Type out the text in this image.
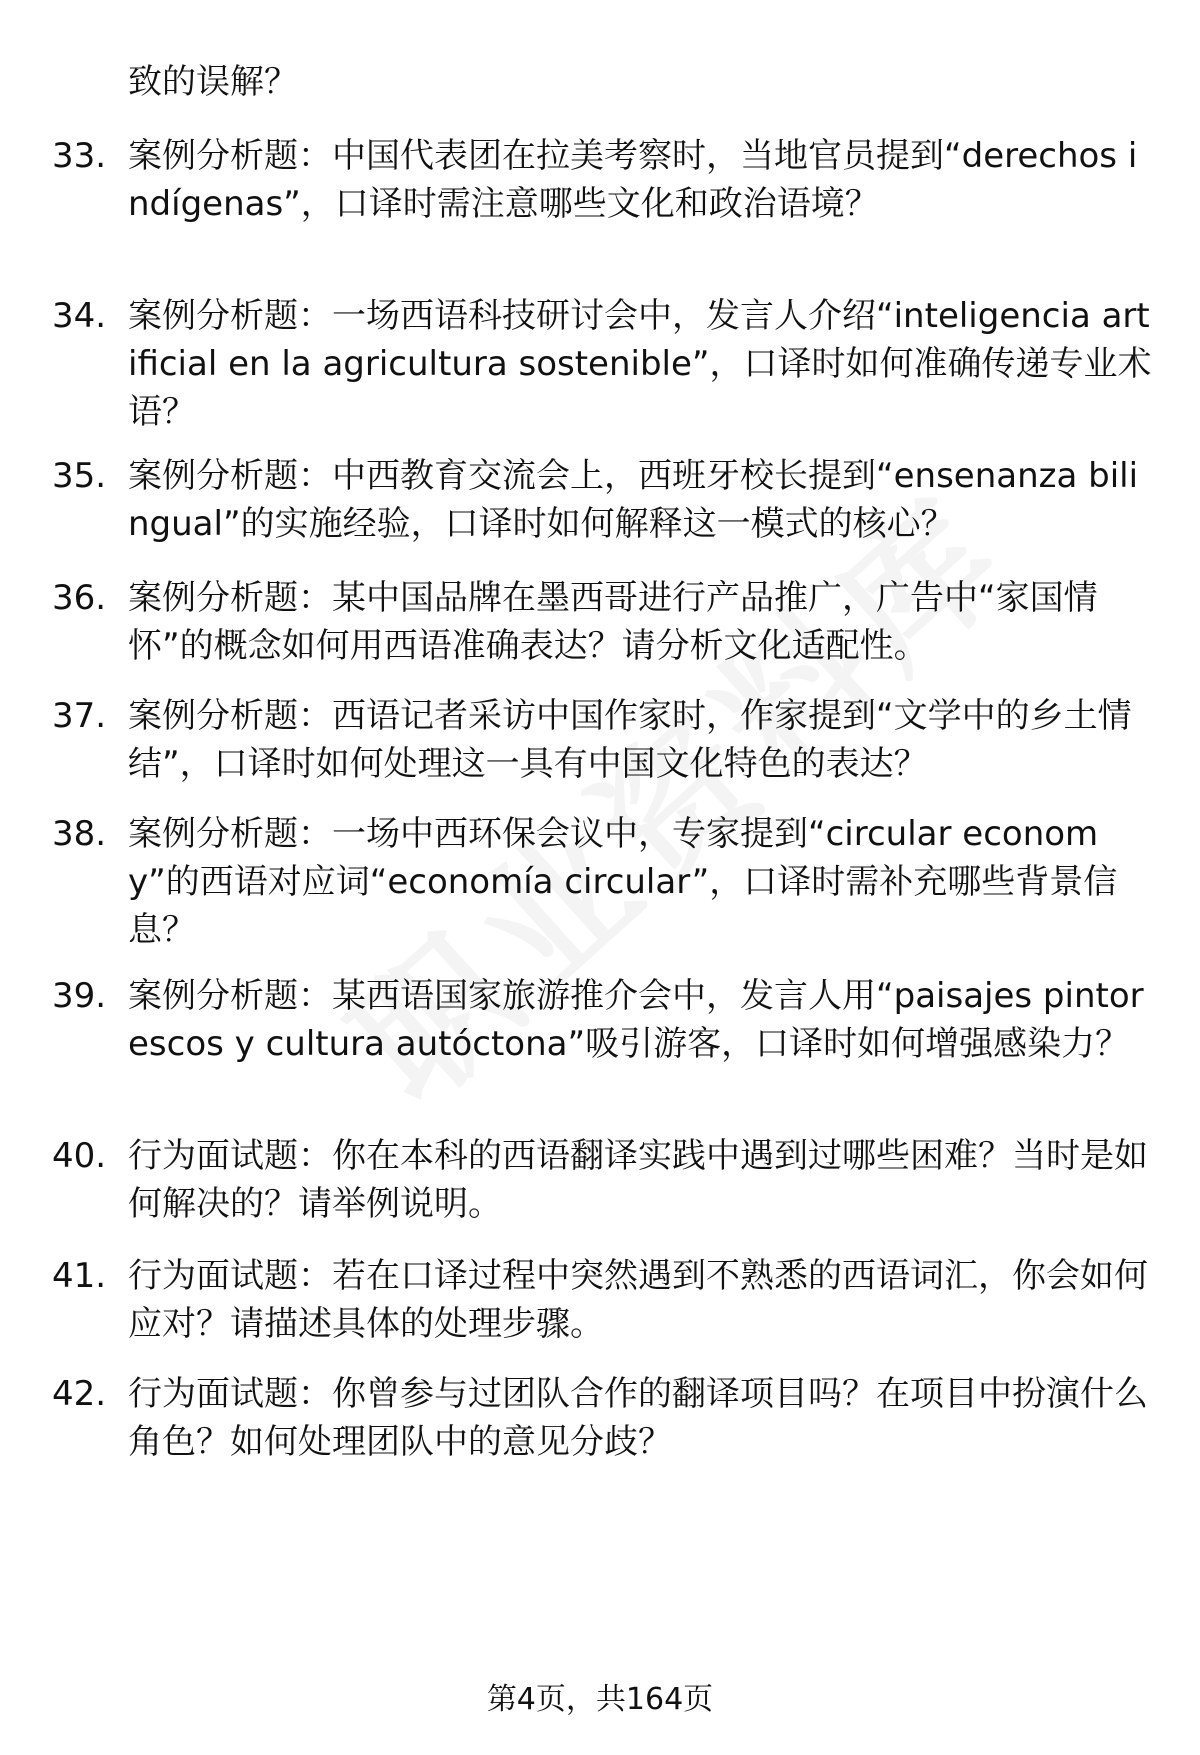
致的误解？

33. 案例分析题：中国代表团在拉美考察时，当地官员提到“derechos indígenas”，口译时需注意哪些文化和政治语境？

34. 案例分析题：一场西语科技研讨会中，发言人介绍“inteligencia artificial en la agricultura sostenible”，口译时如何准确传递专业术语？

35. 案例分析题：中西教育交流会上，西班牙校长提到“ensenanza bilingual”的实施经验，口译时如何解释这一模式的核心？

36. 案例分析题：某中国品牌在墨西哥进行产品推广，广告中“家国情怀”的概念如何用西语准确表达？请分析文化适配性。

37. 案例分析题：西语记者采访中国作家时，作家提到“文学中的乡土情结”，口译时如何处理这一具有中国文化特色的表达？

38. 案例分析题：一场中西环保会议中，专家提到“circular economy”的西语对应词“economía circular”，口译时需补充哪些背景信息？

39. 案例分析题：某西语国家旅游推介会中，发言人用“paisajes pintorescos y cultura autóctona”吸引游客，口译时如何增强感染力？

40. 行为面试题：你在本科的西语翻译实践中遇到过哪些困难？当时是如何解决的？请举例说明。

41. 行为面试题：若在口译过程中突然遇到不熟悉的西语词汇，你会如何应对？请描述具体的处理步骤。

42. 行为面试题：你曾参与过团队合作的翻译项目吗？在项目中扮演什么角色？如何处理团队中的意见分歧？

第4页，共164页
